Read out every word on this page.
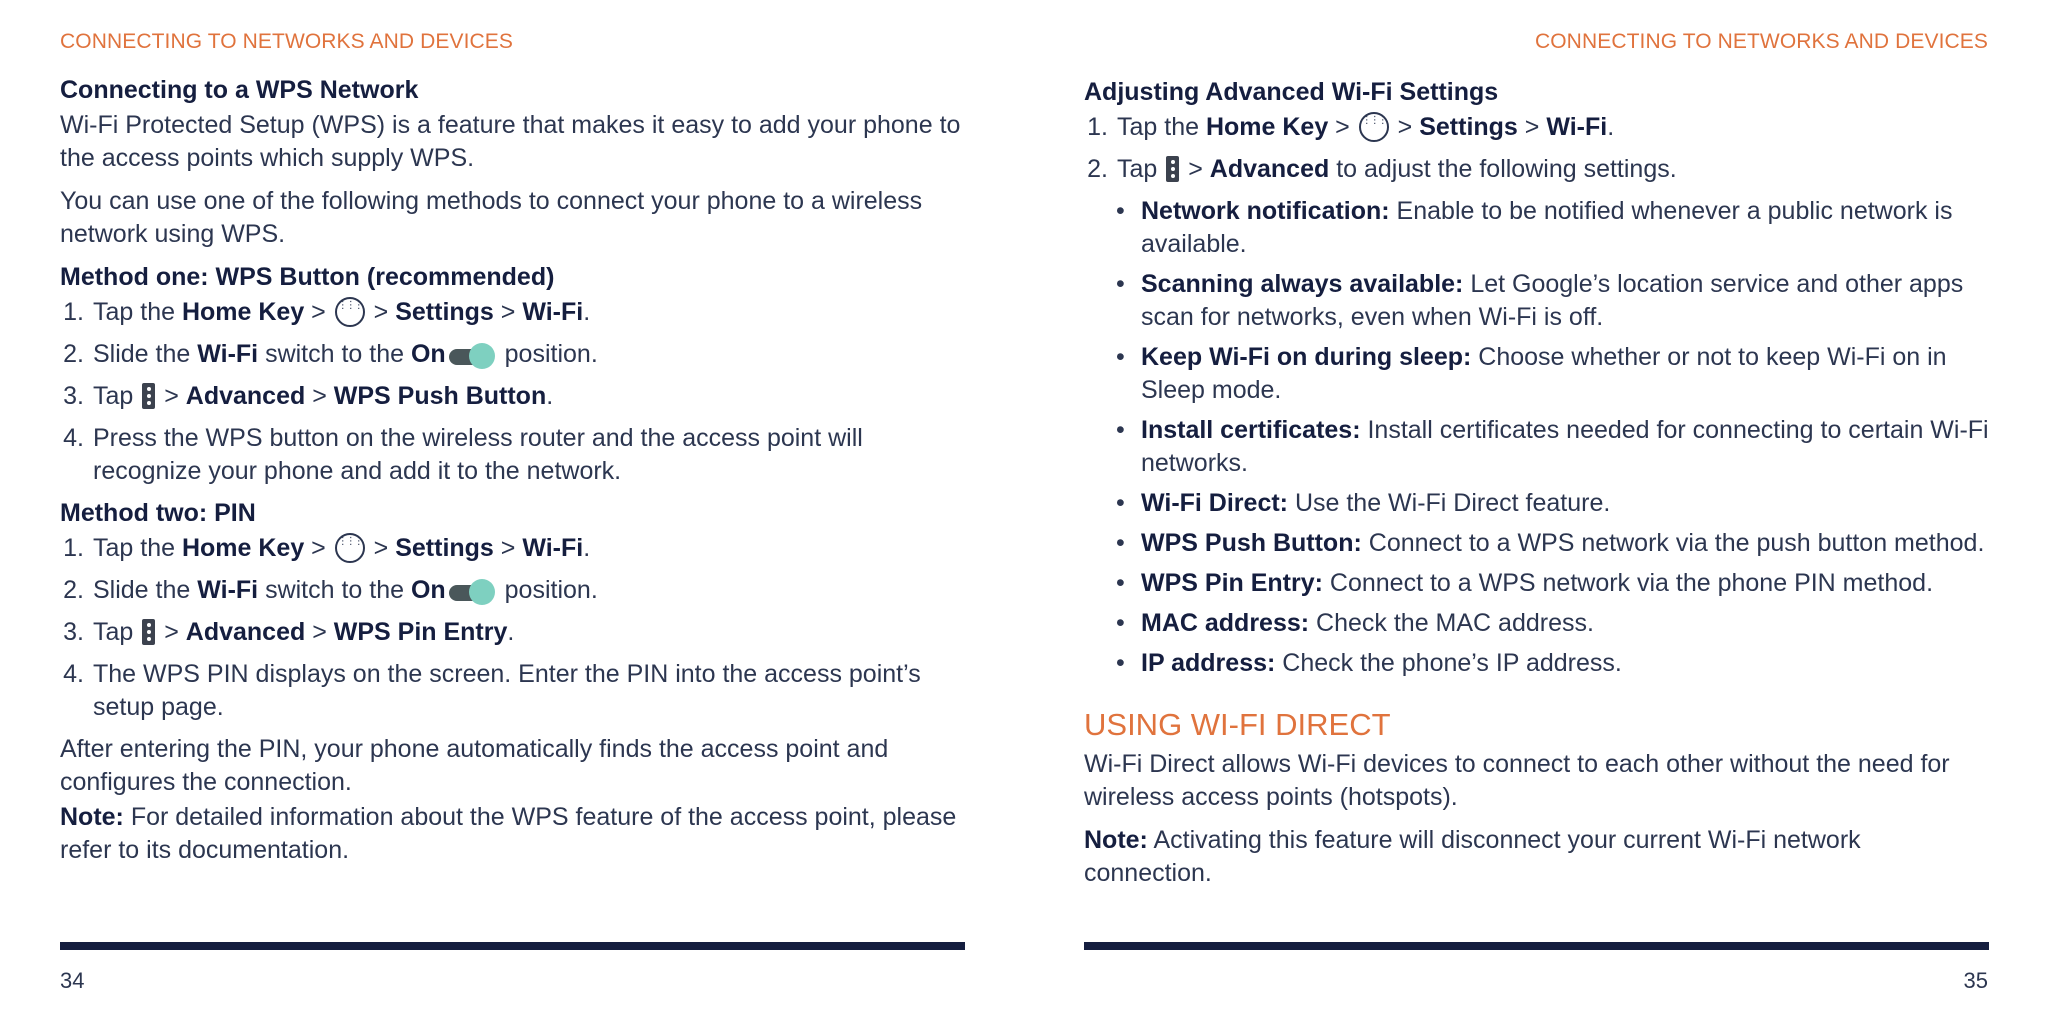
CONNECTING TO NETWORKS AND DEVICES
Connecting to a WPS Network
Wi-Fi Protected Setup (WPS) is a feature that makes it easy to add your phone to the access points which supply WPS.
You can use one of the following methods to connect your phone to a wireless network using WPS.
Method one: WPS Button (recommended)
1 . Tap the Home Key > ⋮⋮⋮ > Settings > Wi-Fi.
2 . Slide the Wi-Fi switch to the On position.
3 . Tap  > Advanced > WPS Push Button.
4 . Press the WPS button on the wireless router and the access point will recognize your phone and add it to the network.
Method two: PIN
1 . Tap the Home Key > ⋮⋮⋮ > Settings > Wi-Fi.
2 . Slide the Wi-Fi switch to the On position.
3 . Tap  > Advanced > WPS Pin Entry.
4 . The WPS PIN displays on the screen. Enter the PIN into the access point’s setup page.
After entering the PIN, your phone automatically finds the access point and configures the connection.
Note: For detailed information about the WPS feature of the access point, please refer to its documentation.
34
CONNECTING TO NETWORKS AND DEVICES
Adjusting Advanced Wi-Fi Settings
1 . Tap the Home Key > ⋮⋮⋮ > Settings > Wi-Fi.
2 . Tap  > Advanced to adjust the following settings.
• Network notification: Enable to be notified whenever a public network is available.
• Scanning always available: Let Google’s location service and other apps scan for networks, even when Wi-Fi is off.
• Keep Wi-Fi on during sleep: Choose whether or not to keep Wi-Fi on in Sleep mode.
• Install certificates: Install certificates needed for connecting to certain Wi-Fi networks.
• Wi-Fi Direct: Use the Wi-Fi Direct feature.
• WPS Push Button: Connect to a WPS network via the push button method.
• WPS Pin Entry: Connect to a WPS network via the phone PIN method.
• MAC address: Check the MAC address.
• IP address: Check the phone’s IP address.
USING WI-FI DIRECT
Wi-Fi Direct allows Wi-Fi devices to connect to each other without the need for wireless access points (hotspots).
Note: Activating this feature will disconnect your current Wi-Fi network connection.
35
